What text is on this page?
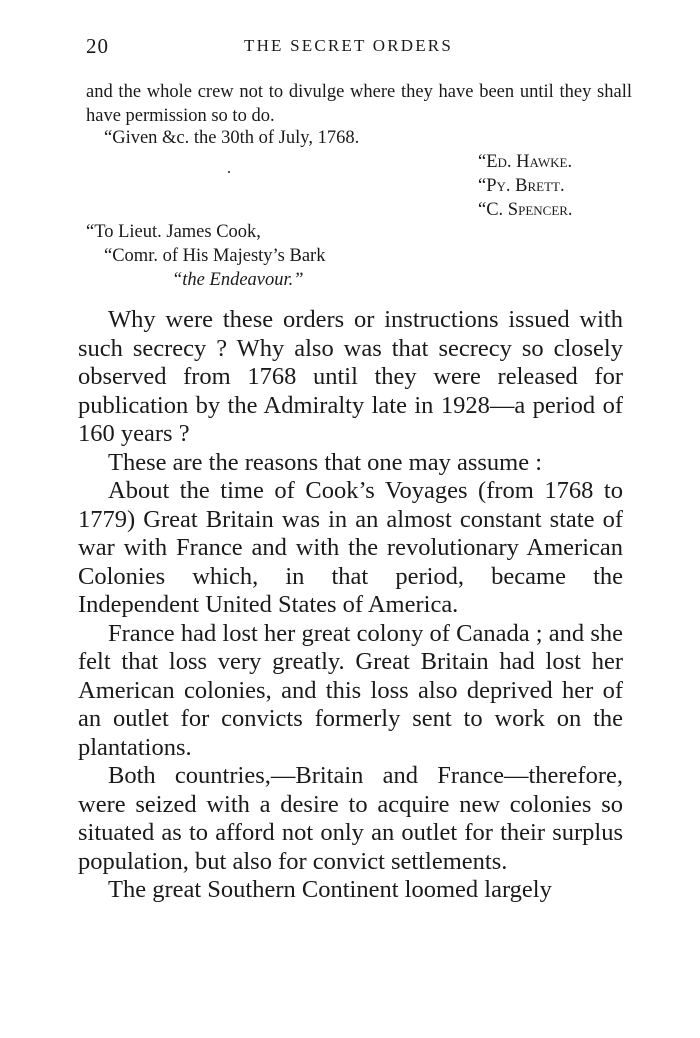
20	THE SECRET ORDERS

and the whole crew not to divulge where they have been until they shall have permission so to do.

“Given &c. the 30th of July, 1768.
“Ed. Hawke.
“Py. Brett.
“C. Spencer.
“To Lieut. James Cook,
“Comr. of His Majesty’s Bark
“the Endeavour.”

Why were these orders or instructions issued with such secrecy ? Why also was that secrecy so closely observed from 1768 until they were released for publication by the Admiralty late in 1928—a period of 160 years ?

These are the reasons that one may assume :

About the time of Cook’s Voyages (from 1768 to 1779) Great Britain was in an almost constant state of war with France and with the revolutionary American Colonies which, in that period, became the Independent United States of America.

France had lost her great colony of Canada ; and she felt that loss very greatly. Great Britain had lost her American colonies, and this loss also deprived her of an outlet for convicts formerly sent to work on the plantations.

Both countries,—Britain and France—therefore, were seized with a desire to acquire new colonies so situated as to afford not only an outlet for their surplus population, but also for convict settlements.

The great Southern Continent loomed largely
